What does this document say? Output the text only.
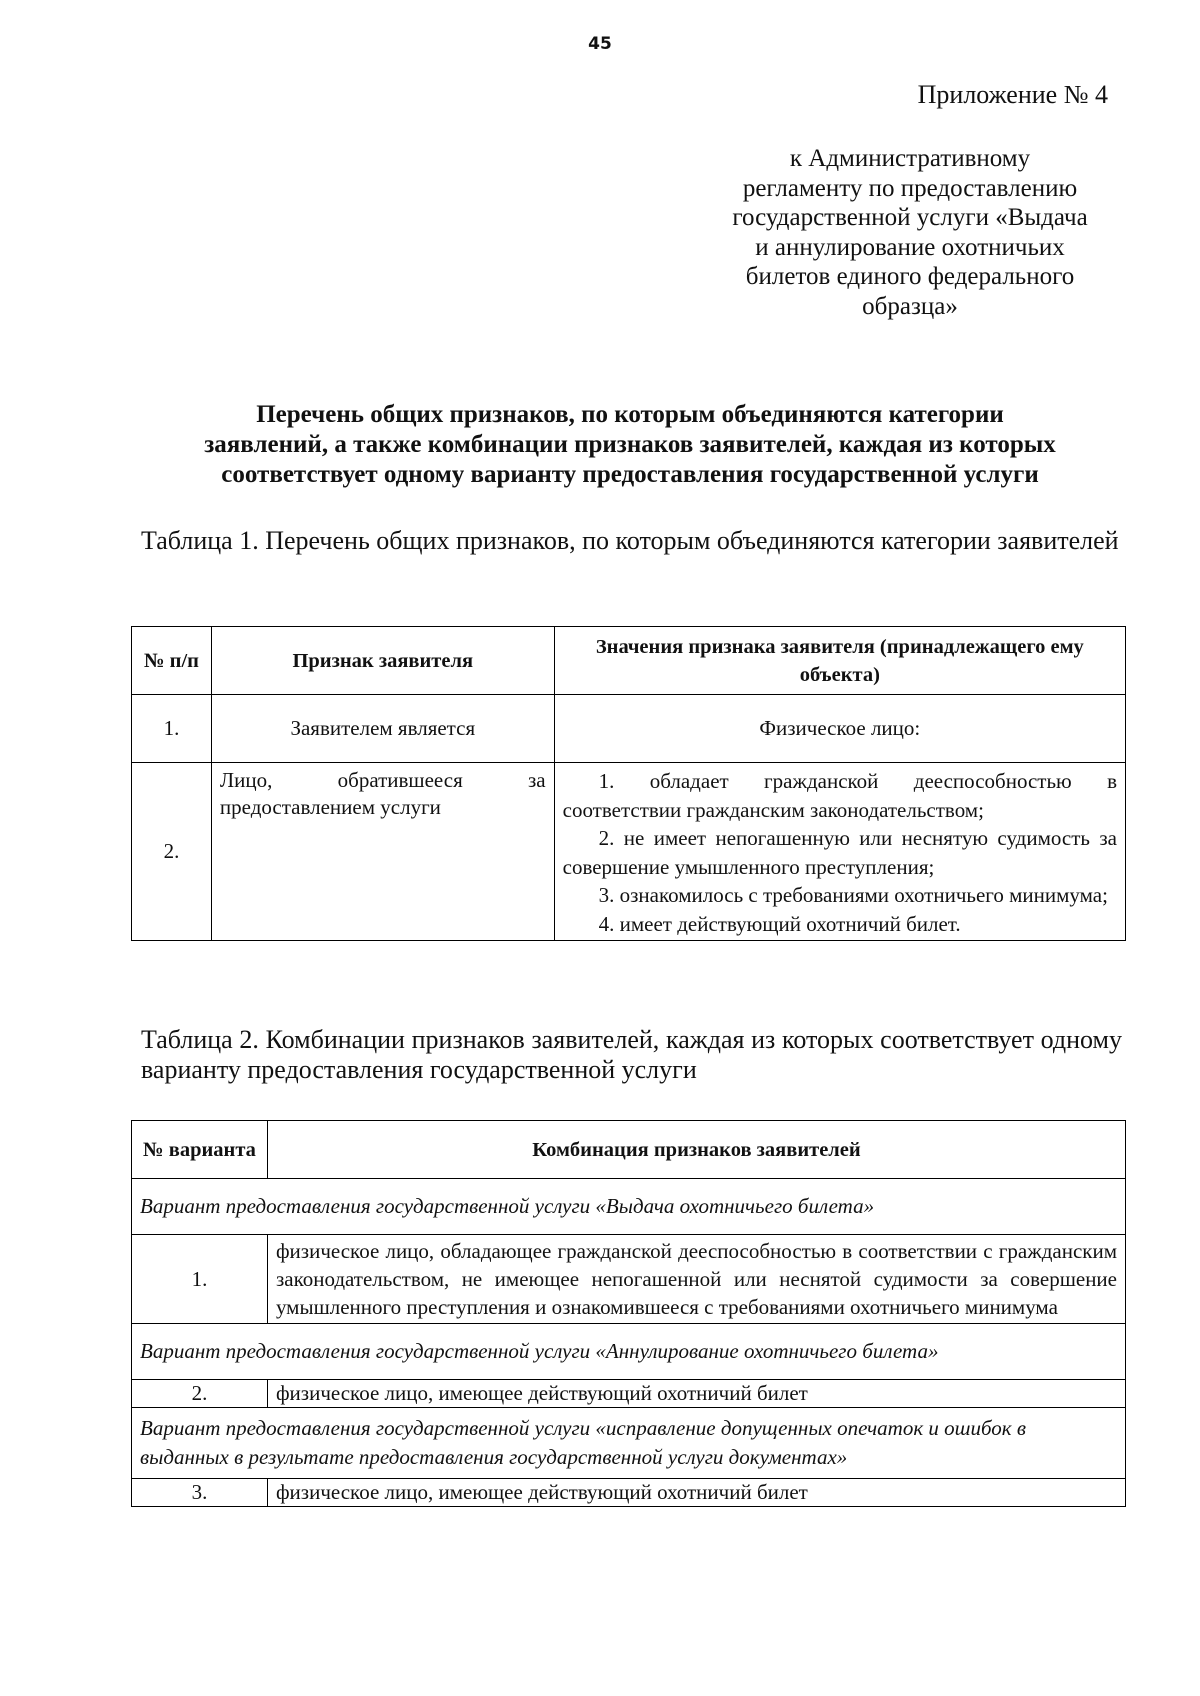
45
Приложение № 4
к Административному
регламенту по предоставлению
государственной услуги «Выдача
и аннулирование охотничьих
билетов единого федерального
образца»
Перечень общих признаков, по которым объединяются категории
заявлений, а также комбинации признаков заявителей, каждая из которых
соответствует одному варианту предоставления государственной услуги
Таблица 1. Перечень общих признаков, по которым объединяются категории заявителей
№ п/п	Признак заявителя	Значения признака заявителя (принадлежащего ему объекта)
1.	Заявителем является	Физическое лицо:
2.	Лицо, обратившееся за предоставлением услуги	1. обладает гражданской дееспособностью в соответствии гражданским законодательством;
2. не имеет непогашенную или неснятую судимость за совершение умышленного преступления;
3. ознакомилось с требованиями охотничьего минимума;
4. имеет действующий охотничий билет.
Таблица 2. Комбинации признаков заявителей, каждая из которых соответствует одному варианту предоставления государственной услуги
№ варианта	Комбинация признаков заявителей
Вариант предоставления государственной услуги «Выдача охотничьего билета»	
1.	физическое лицо, обладающее гражданской дееспособностью в соответствии с гражданским законодательством, не имеющее непогашенной или неснятой судимости за совершение умышленного преступления и ознакомившееся с требованиями охотничьего минимума
Вариант предоставления государственной услуги «Аннулирование охотничьего билета»	
2.	физическое лицо, имеющее действующий охотничий билет
Вариант предоставления государственной услуги «исправление допущенных опечаток и ошибок в выданных в результате предоставления государственной услуги документах»	
3.	физическое лицо, имеющее действующий охотничий билет
